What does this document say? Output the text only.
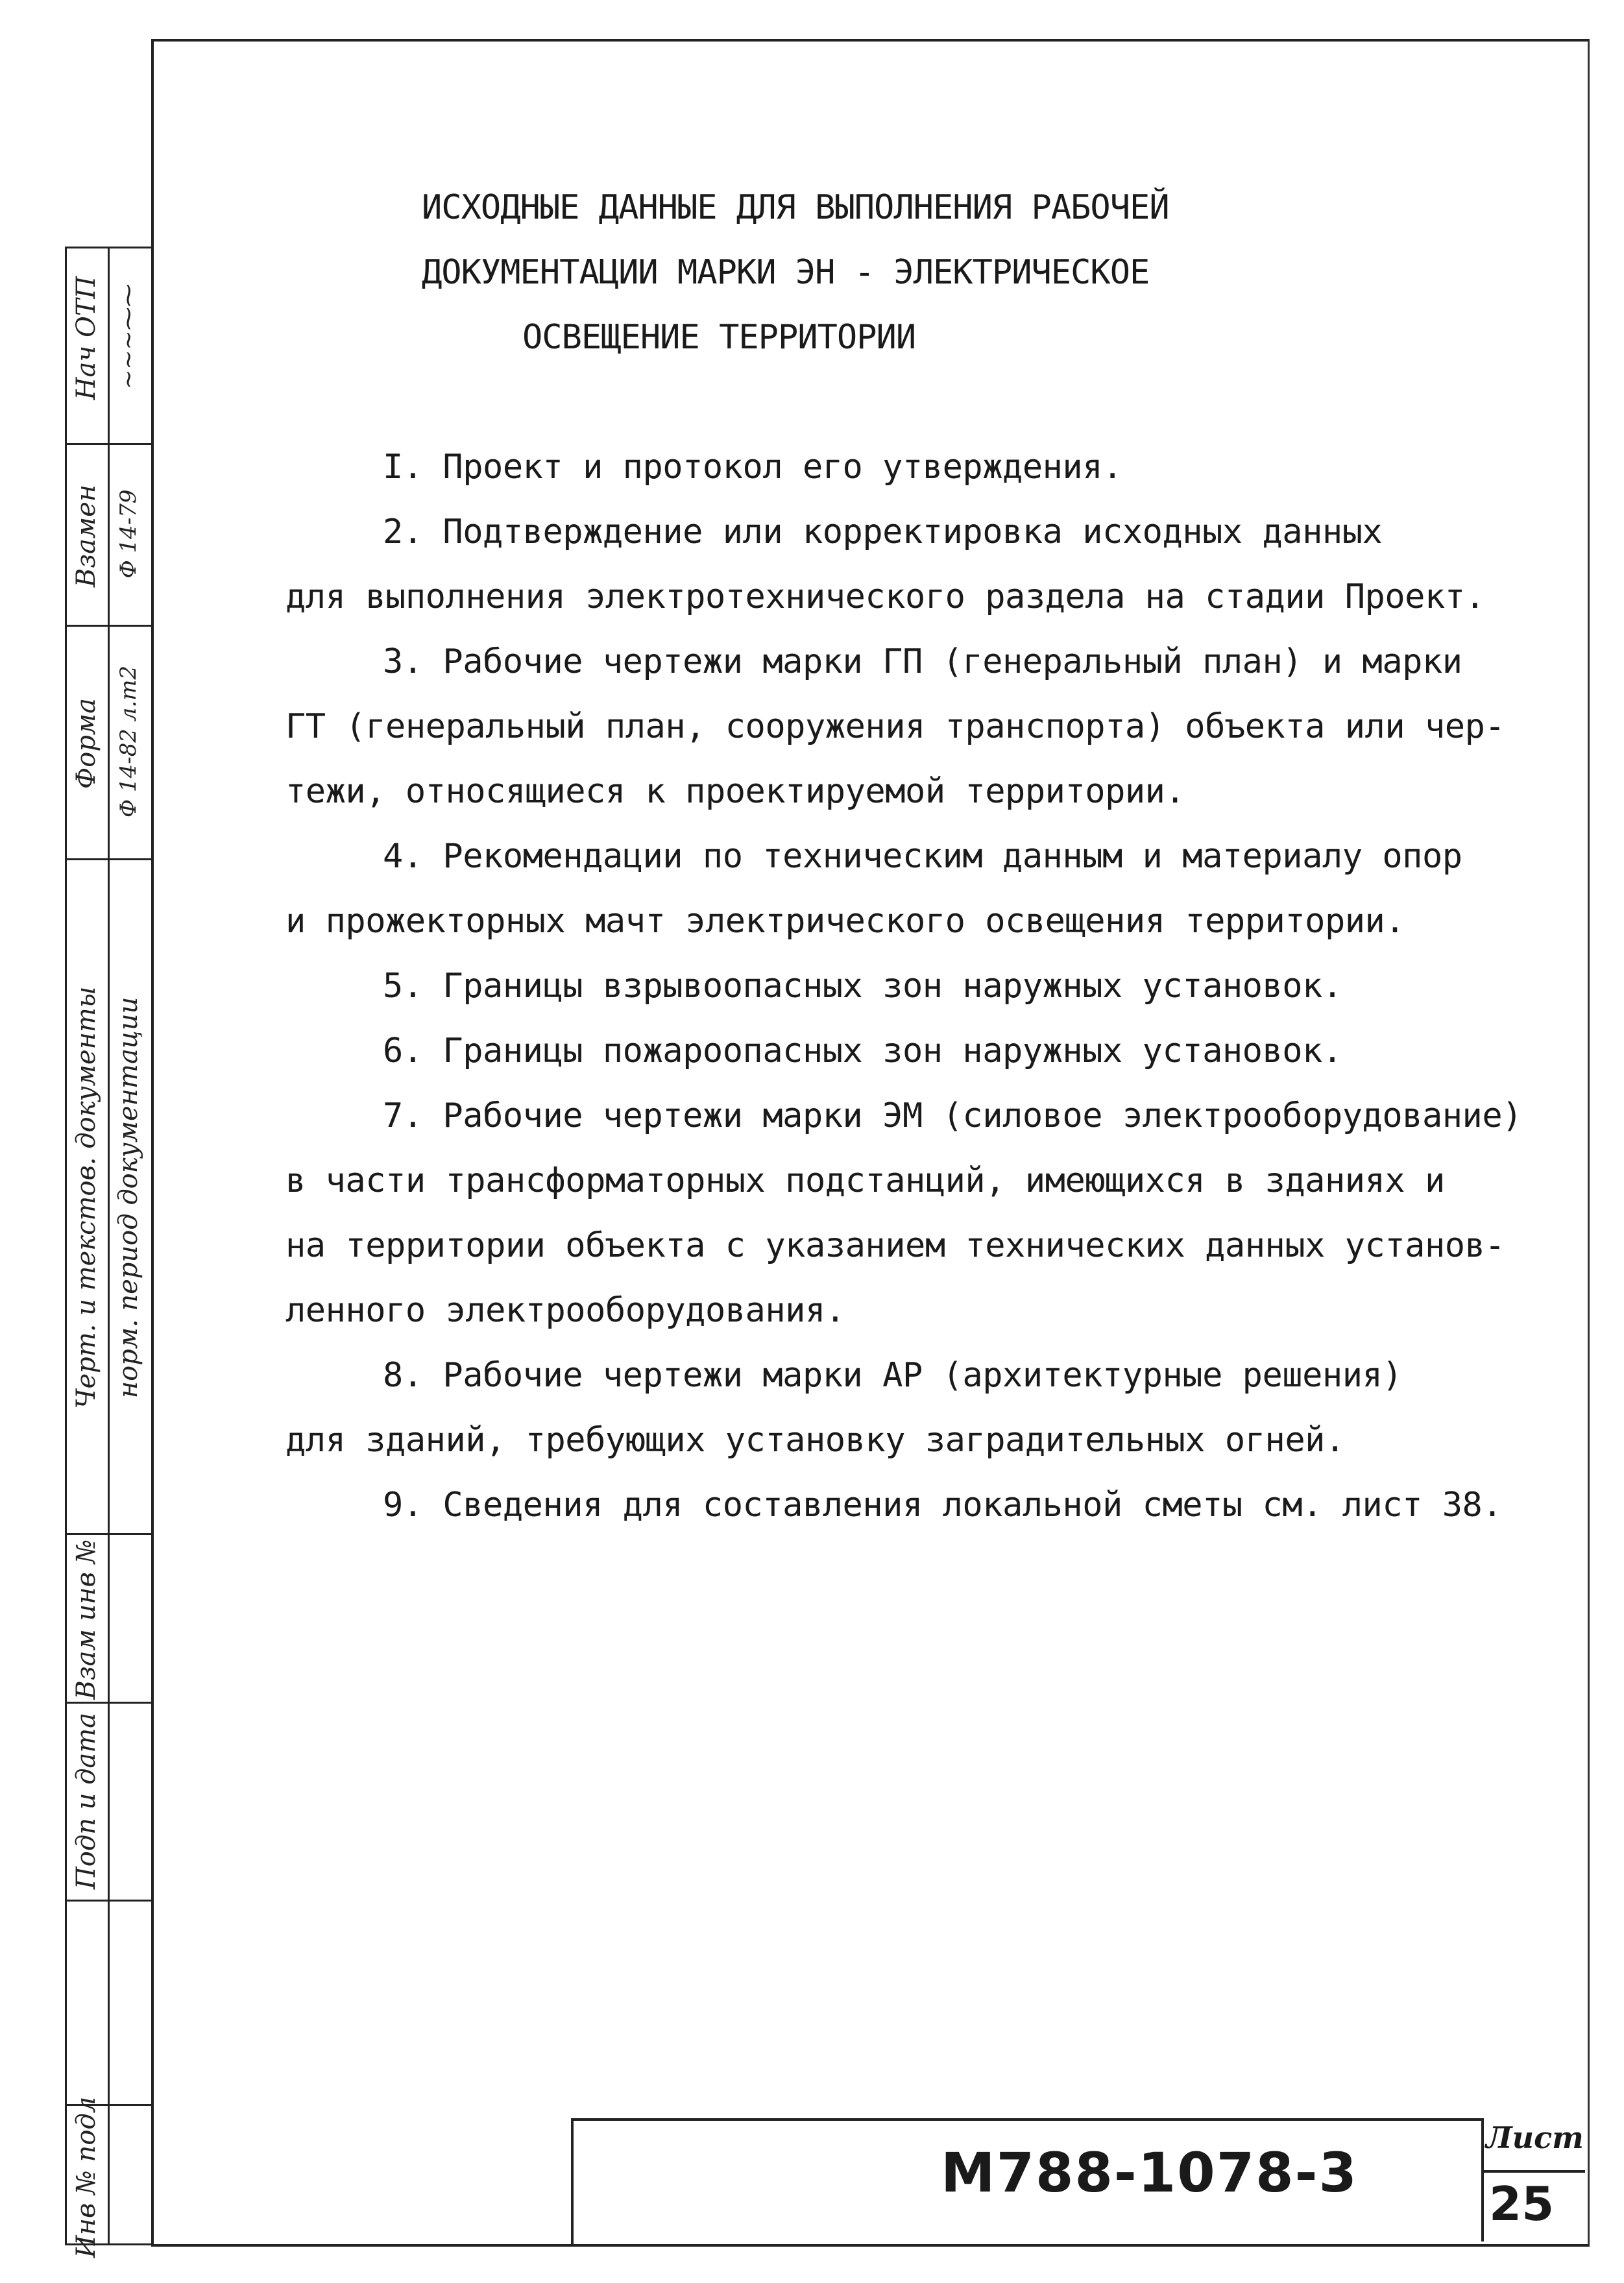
Нач ОТП ~~~⁓⁓
Взамен Ф 14-79
Форма Ф 14-82 л.т2
Черт. и текстов. документы норм. период документации
Взам инв №
Подп и дата
Инв № подл
ИСХОДНЫЕ ДАННЫЕ ДЛЯ ВЫПОЛНЕНИЯ РАБОЧЕЙ
ДОКУМЕНТАЦИИ МАРКИ ЭН - ЭЛЕКТРИЧЕСКОЕ
ОСВЕЩЕНИЕ ТЕРРИТОРИИ
I. Проект и протокол его утверждения.
2. Подтверждение или корректировка исходных данных
для выполнения электротехнического раздела на стадии Проект.
3. Рабочие чертежи марки ГП (генеральный план) и марки
ГТ (генеральный план, сооружения транспорта) объекта или чер-
тежи, относящиеся к проектируемой территории.
4. Рекомендации по техническим данным и материалу опор
и прожекторных мачт электрического освещения территории.
5. Границы взрывоопасных зон наружных установок.
6. Границы пожароопасных зон наружных установок.
7. Рабочие чертежи марки ЭМ (силовое электрооборудование)
в части трансформаторных подстанций, имеющихся в зданиях и
на территории объекта с указанием технических данных установ-
ленного электрооборудования.
8. Рабочие чертежи марки АР (архитектурные решения)
для зданий, требующих установку заградительных огней.
9. Сведения для составления локальной сметы см. лист 38.
М788-1078-3
Лист
25
